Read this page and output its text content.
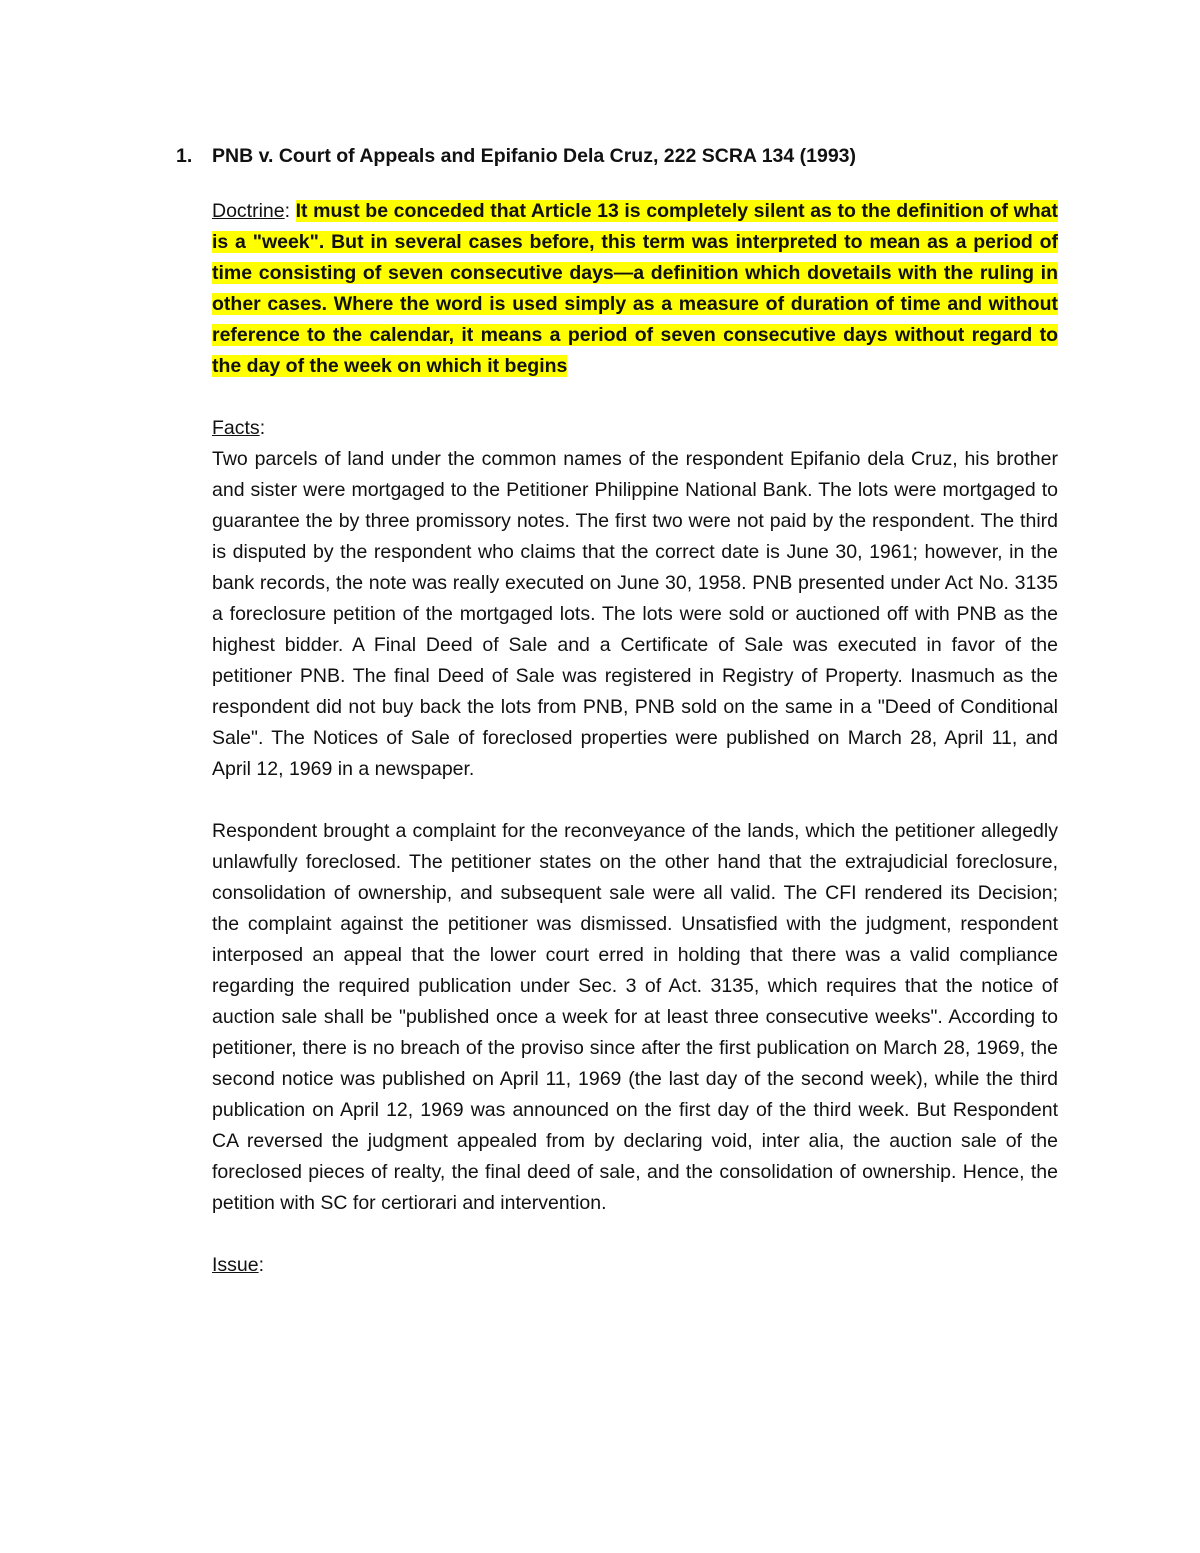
1. PNB v. Court of Appeals and Epifanio Dela Cruz, 222 SCRA 134 (1993)

Doctrine: It must be conceded that Article 13 is completely silent as to the definition of what is a "week". But in several cases before, this term was interpreted to mean as a period of time consisting of seven consecutive days—a definition which dovetails with the ruling in other cases. Where the word is used simply as a measure of duration of time and without reference to the calendar, it means a period of seven consecutive days without regard to the day of the week on which it begins

Facts:

Two parcels of land under the common names of the respondent Epifanio dela Cruz, his brother and sister were mortgaged to the Petitioner Philippine National Bank. The lots were mortgaged to guarantee the by three promissory notes. The first two were not paid by the respondent. The third is disputed by the respondent who claims that the correct date is June 30, 1961; however, in the bank records, the note was really executed on June 30, 1958. PNB presented under Act No. 3135 a foreclosure petition of the mortgaged lots. The lots were sold or auctioned off with PNB as the highest bidder. A Final Deed of Sale and a Certificate of Sale was executed in favor of the petitioner PNB. The final Deed of Sale was registered in Registry of Property. Inasmuch as the respondent did not buy back the lots from PNB, PNB sold on the same in a "Deed of Conditional Sale". The Notices of Sale of foreclosed properties were published on March 28, April 11, and April 12, 1969 in a newspaper.

Respondent brought a complaint for the reconveyance of the lands, which the petitioner allegedly unlawfully foreclosed. The petitioner states on the other hand that the extrajudicial foreclosure, consolidation of ownership, and subsequent sale were all valid. The CFI rendered its Decision; the complaint against the petitioner was dismissed. Unsatisfied with the judgment, respondent interposed an appeal that the lower court erred in holding that there was a valid compliance regarding the required publication under Sec. 3 of Act. 3135, which requires that the notice of auction sale shall be "published once a week for at least three consecutive weeks". According to petitioner, there is no breach of the proviso since after the first publication on March 28, 1969, the second notice was published on April 11, 1969 (the last day of the second week), while the third publication on April 12, 1969 was announced on the first day of the third week. But Respondent CA reversed the judgment appealed from by declaring void, inter alia, the auction sale of the foreclosed pieces of realty, the final deed of sale, and the consolidation of ownership. Hence, the petition with SC for certiorari and intervention.

Issue:
